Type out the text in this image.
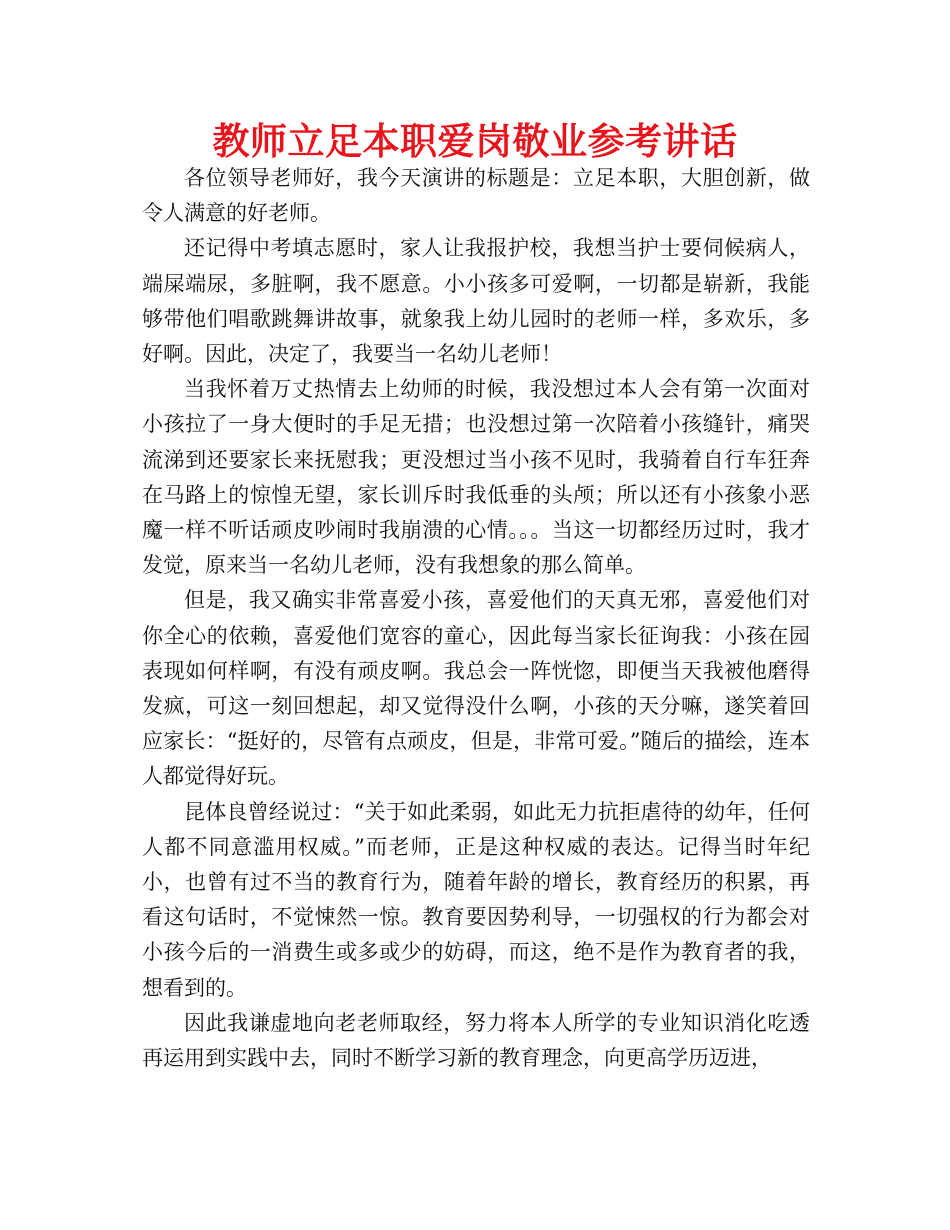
教师立足本职爱岗敬业参考讲话

各位领导老师好，我今天演讲的标题是：立足本职，大胆创新，做令人满意的好老师。

还记得中考填志愿时，家人让我报护校，我想当护士要伺候病人，端屎端尿，多脏啊，我不愿意。小小孩多可爱啊，一切都是崭新，我能够带他们唱歌跳舞讲故事，就象我上幼儿园时的老师一样，多欢乐，多好啊。因此，决定了，我要当一名幼儿老师！

当我怀着万丈热情去上幼师的时候，我没想过本人会有第一次面对小孩拉了一身大便时的手足无措；也没想过第一次陪着小孩缝针，痛哭流涕到还要家长来抚慰我；更没想过当小孩不见时，我骑着自行车狂奔在马路上的惊惶无望，家长训斥时我低垂的头颅；所以还有小孩象小恶魔一样不听话顽皮吵闹时我崩溃的心情。。。当这一切都经历过时，我才发觉，原来当一名幼儿老师，没有我想象的那么简单。

但是，我又确实非常喜爱小孩，喜爱他们的天真无邪，喜爱他们对你全心的依赖，喜爱他们宽容的童心，因此每当家长征询我：小孩在园表现如何样啊，有没有顽皮啊。我总会一阵恍惚，即便当天我被他磨得发疯，可这一刻回想起，却又觉得没什么啊，小孩的天分嘛，遂笑着回应家长：“挺好的，尽管有点顽皮，但是，非常可爱。”随后的描绘，连本人都觉得好玩。

昆体良曾经说过：“关于如此柔弱，如此无力抗拒虐待的幼年，任何人都不同意滥用权威。”而老师，正是这种权威的表达。记得当时年纪小，也曾有过不当的教育行为，随着年龄的增长，教育经历的积累，再看这句话时，不觉悚然一惊。教育要因势利导，一切强权的行为都会对小孩今后的一消费生或多或少的妨碍，而这，绝不是作为教育者的我，想看到的。

因此我谦虚地向老老师取经，努力将本人所学的专业知识消化吃透再运用到实践中去，同时不断学习新的教育理念，向更高学历迈进，
